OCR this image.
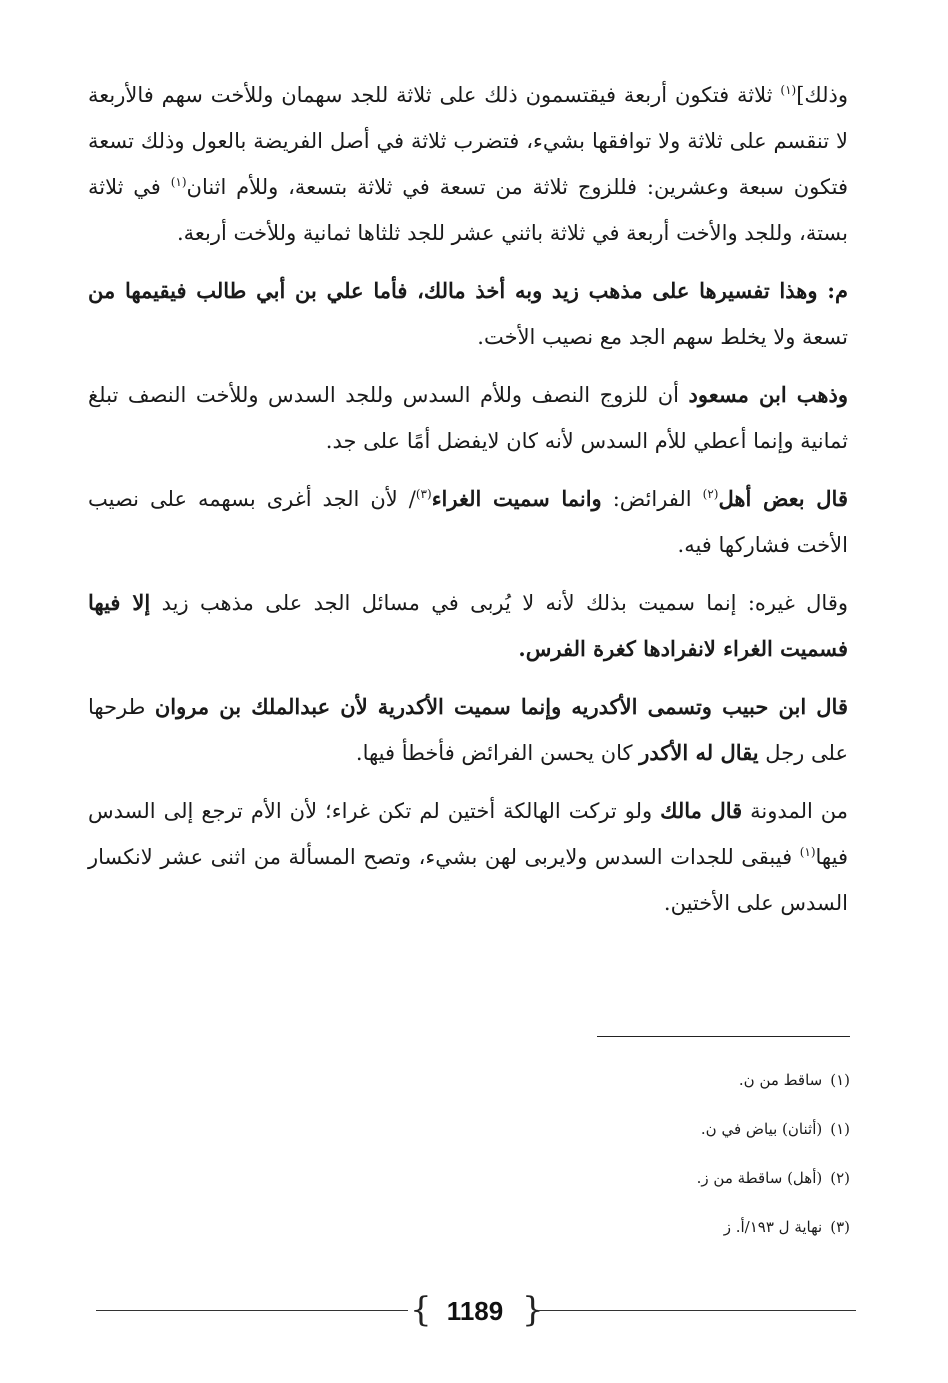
وذلك]$^{(١)}$ ثلاثة فتكون أربعة فيقتسمون ذلك على ثلاثة للجد سهمان وللأخت سهم فالأربعة لا تنقسم على ثلاثة ولا توافقها بشيء، فتضرب ثلاثة في أصل الفريضة بالعول وذلك تسعة فتكون سبعة وعشرين: فللزوج ثلاثة من تسعة في ثلاثة بتسعة، وللأم اثنان$^{(١)}$ في ثلاثة بستة، وللجد والأخت أربعة في ثلاثة باثني عشر للجد ثلثاها ثمانية وللأخت أربعة.

م: وهذا تفسيرها على مذهب زيد وبه أخذ مالك، فأما علي بن أبي طالب فيقيمها من تسعة ولا يخلط سهم الجد مع نصيب الأخت.

وذهب ابن مسعود أن للزوج النصف وللأم السدس وللجد السدس وللأخت النصف تبلغ ثمانية وإنما أعطي للأم السدس لأنه كان لايفضل أمًا على جد.

قال بعض أهل$^{(٢)}$ الفرائض: وانما سميت الغراء$^{(٣)}$/ لأن الجد أغرى بسهمه على نصيب الأخت فشاركها فيه.

وقال غيره: إنما سميت بذلك لأنه لا يُربى في مسائل الجد على مذهب زيد إلا فيها فسميت الغراء لانفرادها كغرة الفرس.

قال ابن حبيب وتسمى الأكدريه وإنما سميت الأكدرية لأن عبدالملك بن مروان طرحها على رجل يقال له الأكدر كان يحسن الفرائض فأخطأ فيها.

من المدونة قال مالك ولو تركت الهالكة أختين لم تكن غراء؛ لأن الأم ترجع إلى السدس فيها$^{(١)}$ فيبقى للجدات السدس ولايربى لهن بشيء، وتصح المسألة من اثنى عشر لانكسار السدس على الأختين.

(١)ساقط من ن.
(١)(أثنان) بياض في ن.
(٢)(أهل) ساقطة من ز.
(٣)نهاية ل ١٩٣/أ. ز
{ 1189 }
